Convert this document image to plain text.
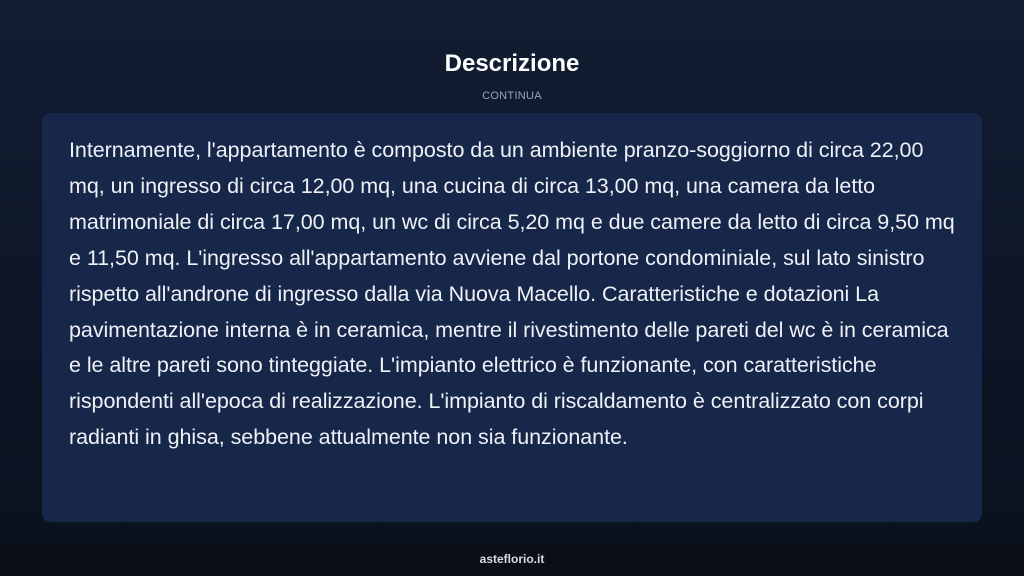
Descrizione
CONTINUA

Internamente, l'appartamento è composto da un ambiente pranzo-soggiorno di circa 22,00 mq, un ingresso di circa 12,00 mq, una cucina di circa 13,00 mq, una camera da letto matrimoniale di circa 17,00 mq, un wc di circa 5,20 mq e due camere da letto di circa 9,50 mq e 11,50 mq. L'ingresso all'appartamento avviene dal portone condominiale, sul lato sinistro rispetto all'androne di ingresso dalla via Nuova Macello. Caratteristiche e dotazioni La pavimentazione interna è in ceramica, mentre il rivestimento delle pareti del wc è in ceramica e le altre pareti sono tinteggiate. L'impianto elettrico è funzionante, con caratteristiche rispondenti all'epoca di realizzazione. L'impianto di riscaldamento è centralizzato con corpi radianti in ghisa, sebbene attualmente non sia funzionante.

asteflorio.it
